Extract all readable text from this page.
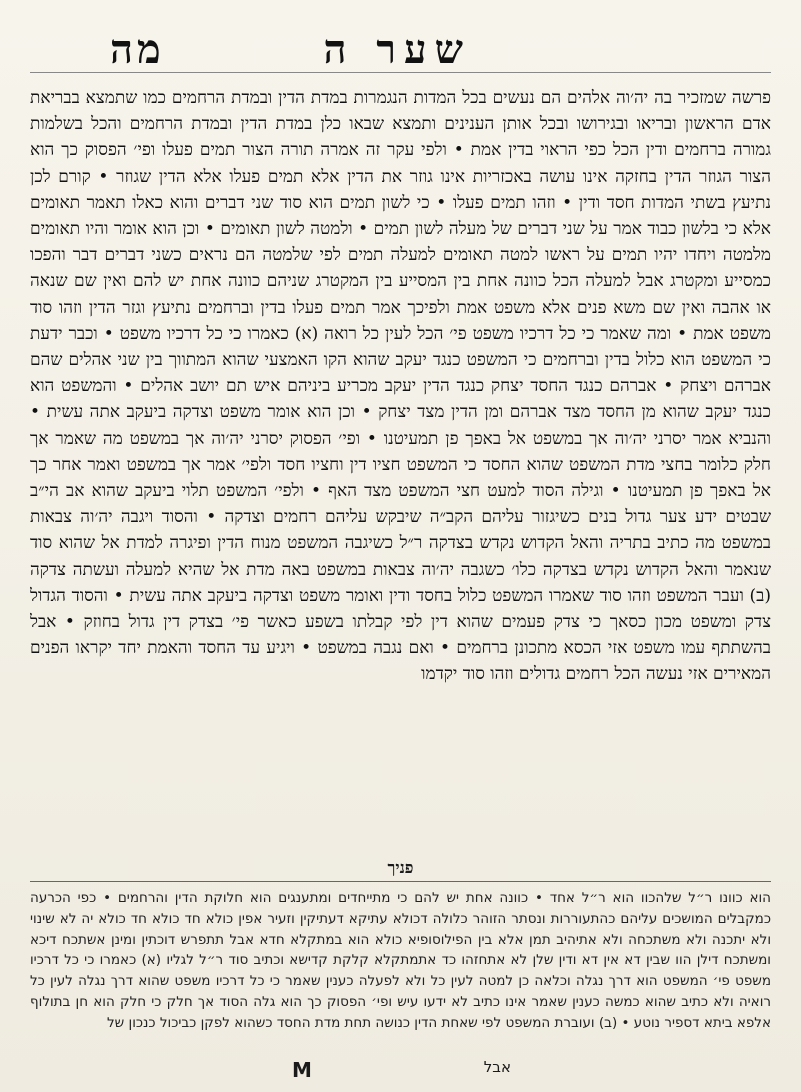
שער ה
מה
פרשה שמזכיר בה יה׳וה אלהים הם נעשים בכל המדות הנגמרות במדת הדין ובמדת הרחמים כמו שתמצא בבריאת אדם הראשון ובריאו ובגירושו ובכל אותן הענינים ותמצא שבאו כלן במדת הדין ובמדת הרחמים והכל בשלמות גמורה ברחמים ודין הכל כפי הראוי בדין אמת • ולפי עקר זה אמרה תורה הצור תמים פעלו ופי׳ הפסוק כך הוא הצור הגוזר הדין בחזקה אינו עושה באכזריות אינו גוזר את הדין אלא תמים פעלו אלא הדין שגוזר • קורם לכן נתיעץ בשתי המדות חסד ודין • וזהו תמים פעלו • כי לשון תמים הוא סוד שני דברים והוא כאלו תאמר תאומים אלא כי בלשון כבוד אמר על שני דברים של מעלה לשון תמים • ולמטה לשון תאומים • וכן הוא אומר והיו תאומים מלמטה ויחדו יהיו תמים על ראשו למטה תאומים למעלה תמים לפי שלמטה הם נראים כשני דברים דבר והפכו כמסייע ומקטרג אבל למעלה הכל כוונה אחת בין המסייע בין המקטרג שניהם כוונה אחת יש להם ואין שם שנאה או אהבה ואין שם משא פנים אלא משפט אמת ולפיכך אמר תמים פעלו בדין וברחמים נתיעץ וגזר הדין וזהו סוד משפט אמת • ומה שאמר כי כל דרכיו משפט פי׳ הכל לעין כל רואה (א) כאמרו כי כל דרכיו משפט • וכבר ידעת כי המשפט הוא כלול בדין וברחמים כי המשפט כנגד יעקב שהוא הקו האמצעי שהוא המתווך בין שני אהלים שהם אברהם ויצחק • אברהם כנגד החסד יצחק כנגד הדין יעקב מכריע ביניהם איש תם יושב אהלים • והמשפט הוא כנגד יעקב שהוא מן החסד מצד אברהם ומן הדין מצד יצחק • וכן הוא אומר משפט וצדקה ביעקב אתה עשית • והנביא אמר יסרני יה׳וה אך במשפט אל באפך פן תמעיטנו • ופי׳ הפסוק יסרני יה׳וה אך במשפט מה שאמר אך חלק כלומר בחצי מדת המשפט שהוא החסד כי המשפט חציו דין וחציו חסד ולפי׳ אמר אך במשפט ואמר אחר כך אל באפך פן תמעיטנו • וגילה הסוד למעט חצי המשפט מצד האף • ולפי׳ המשפט תלוי ביעקב שהוא אב הי״ב שבטים ידע צער גדול בנים כשיגזור עליהם הקב״ה שיבקש עליהם רחמים וצדקה • והסוד ויגבה יה׳וה צבאות במשפט מה כתיב בתריה והאל הקדוש נקדש בצדקה ר״ל כשיגבה המשפט מנוח הדין ופיגרה למדת אל שהוא סוד שנאמר והאל הקדוש נקדש בצדקה כלו׳ כשגבה יה׳וה צבאות במשפט באה מדת אל שהיא למעלה ועשתה צדקה (ב) ועבר המשפט וזהו סוד שאמרו המשפט כלול בחסד ודין ואומר משפט וצדקה ביעקב אתה עשית • והסוד הגדול צדק ומשפט מכון כסאך כי צדק פעמים שהוא דין לפי קבלתו בשפע כאשר פי׳ בצדק דין גדול בחוזק • אבל בהשתתף עמו משפט אזי הכסא מתכונן ברחמים • ואם נגבה במשפט • ויגיע עד החסד והאמת יחד יקראו הפנים המאירים אזי נעשה הכל רחמים גדולים וזהו סוד יקדמו
פניך
הוא כוונו ר״ל שלהכוו הוא ר״ל אחד • כוונה אחת יש להם כי מתייחדים ומתענגים הוא חלוקת הדין והרחמים • כפי הכרעה כמקבלים המושכים עליהם כהתעוררות ונסתר הזוהר כלולה דכולא עתיקא דעתיקין וזעיר אפין כולא חד כולא חד כולא יה לא שינוי ולא יתכנה ולא משתכחה ולא אתיהיב תמן אלא בין הפילוסופיא כולא הוא במתקלא חדא אבל תתפרש דוכתין ומינן אשתכח דיכא ומשתכח דילן הוו שבין דא אין דא ודין שלן לא אתחזהו כד אתמתקלא קלקת קדישא וכתיב סוד ר״ל לגליו (א) כאמרו כי כל דרכיו משפט פי׳ המשפט הוא דרך נגלה וכלאה כן למטה לעין כל ולא לפעלה כענין שאמר כי כל דרכיו משפט שהוא דרך נגלה לעין כל רואיה ולא כתיב שהוא כמשה כענין שאמר אינו כתיב לא ידעו עיש ופי׳ הפסוק כך הוא גלה הסוד אך חלק כי חלק הוא חן בתולוף אלפא ביתא דספיר נוטע • (ב) ועוברת המשפט לפי שאחת הדין כנושה תחת מדת החסד כשהוא לפקן כביכול כנכון של
M	אבל
